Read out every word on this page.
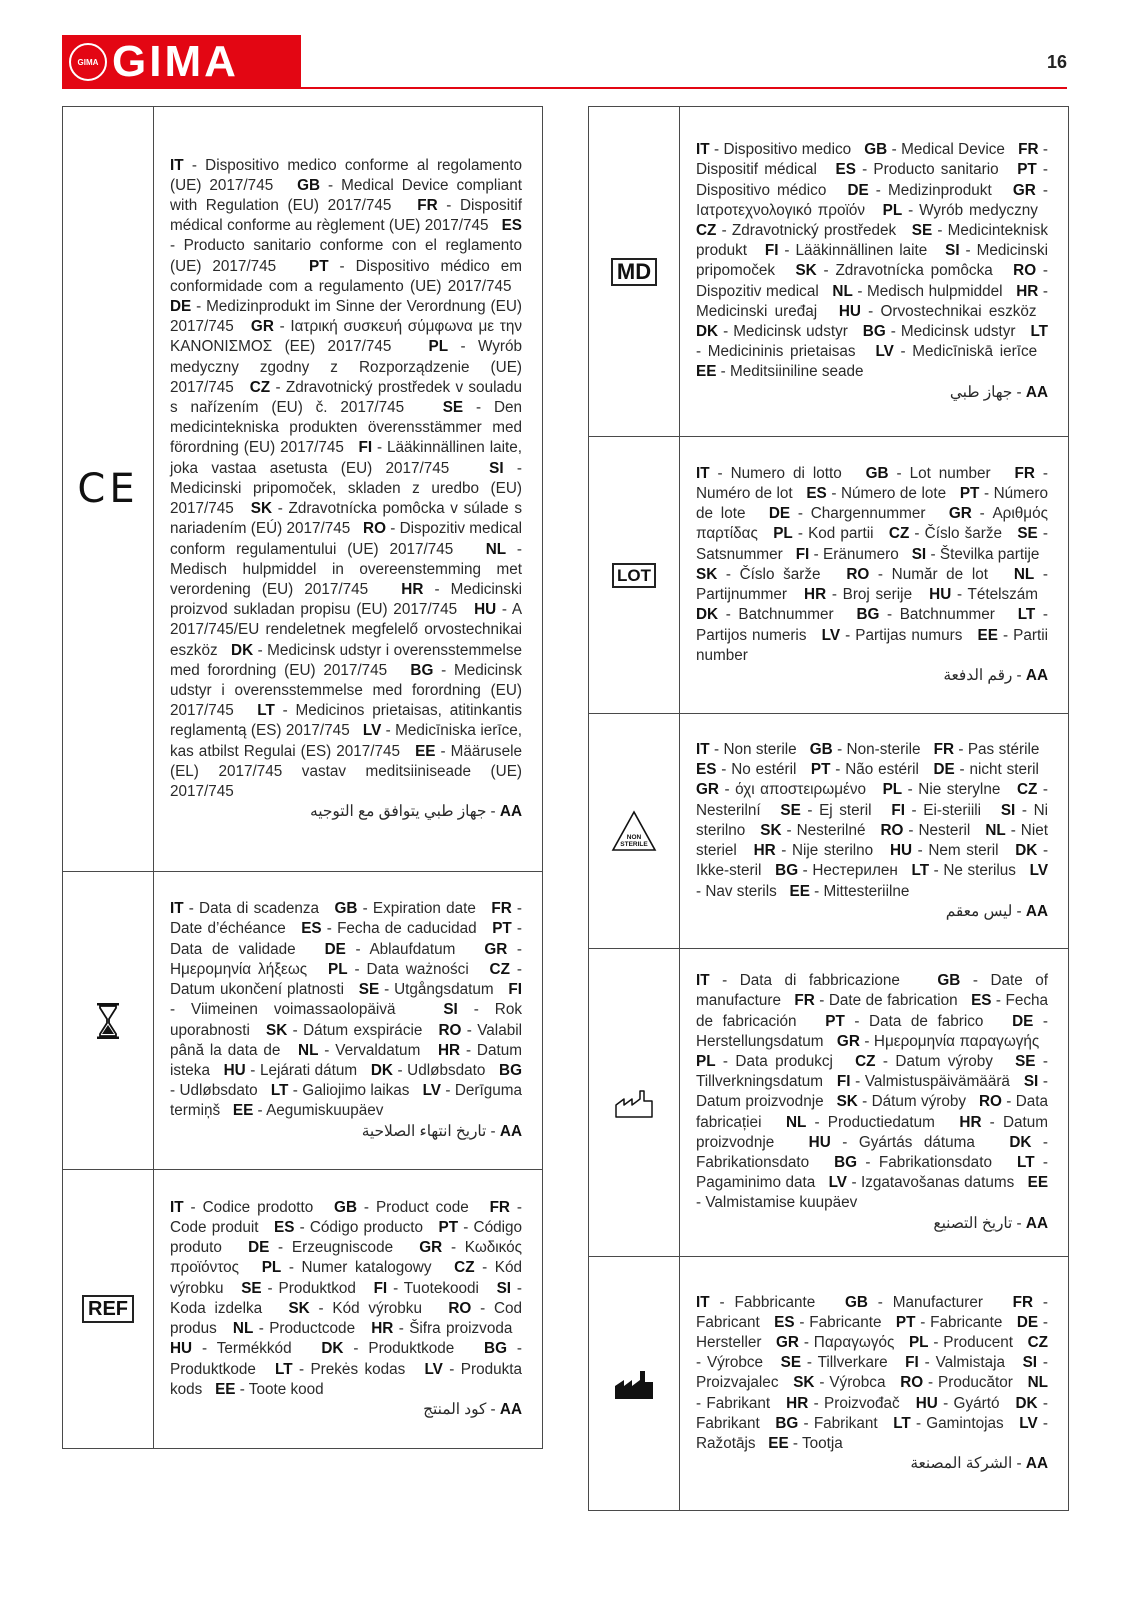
GIMA GIMA	16
CE
IT - Dispositivo medico conforme al regolamento (UE) 2017/745 GB - Medical Device compliant with Regulation (EU) 2017/745 FR - Dispositif médical conforme au règlement (UE) 2017/745 ES - Producto sanitario conforme con el reglamento (UE) 2017/745 PT - Dispositivo médico em conformidade com a regulamento (UE) 2017/745   DE - Medizinprodukt im Sinne der Verordnung (EU) 2017/745 GR - Ιατρική συσκευή σύμφωνα με την ΚΑΝΟΝΙΣΜΟΣ (ΕΕ) 2017/745 PL - Wyrób medyczny zgodny z Rozporządzenie (UE) 2017/745 CZ - Zdravotnický prostředek v souladu s nařízením (EU) č. 2017/745	SE - Den medicintekniska produkten överensstämmer med förordning (EU) 2017/745 FI - Lääkinnällinen laite, joka vastaa asetusta (EU) 2017/745	SI - Medicinski pripomoček, skladen z uredbo (EU) 2017/745 SK - Zdravotnícka pomôcka v súlade s nariadením (EÚ) 2017/745 RO - Dispozitiv medical conform regulamentului (UE) 2017/745 NL - Medisch hulpmiddel in overeenstemming met verordening (EU) 2017/745 HR - Medicinski proizvod sukladan propisu (EU) 2017/745 HU - A 2017/745/EU rendeletnek megfelelő orvostechnikai eszköz DK - Medicinsk udstyr i overensstemmelse med forordning (EU) 2017/745 BG - Medicinsk udstyr i overensstemmelse med forordning (EU) 2017/745 LT - Medicinos prietaisas, atitinkantis reglamentą (ES) 2017/745 LV - Medicīniska ierīce, kas atbilst Regulai (ES) 2017/745 EE - Määrusele (EL) 2017/745 vastav meditsiiniseade (UE) 2017/745
AA - جهاز طبي يتوافق مع التوجيه
IT - Data di scadenza GB - Expiration date FR - Date d’échéance ES - Fecha de caducidad PT - Data de validade DE - Ablaufdatum GR - Ημερομηνία λήξεως PL - Data ważności CZ - Datum ukončení platnosti SE - Utgångsdatum FI - Viimeinen voimassaolopäivä	SI - Rok uporabnosti SK - Dátum exspirácie RO - Valabil până la data de NL - Vervaldatum HR - Datum isteka HU - Lejárati dátum DK - Udløbsdato BG - Udløbsdato LT - Galiojimo laikas LV - Derīguma termiņš EE - Aegumiskuupäev
AA - تاريخ انتهاء الصلاحية
REF
IT - Codice prodotto GB - Product code FR - Code produit ES - Código producto PT - Código produto DE - Erzeugniscode GR - Κωδικός προϊόντος PL - Numer katalogowy CZ - Kód výrobku SE - Produktkod FI - Tuotekoodi SI - Koda izdelka SK - Kód výrobku RO - Cod produs NL - Productcode HR - Šifra proizvoda   HU - Termékkód DK - Produktkode BG - Produktkode LT - Prekės kodas LV - Produkta kods EE - Toote kood
AA - كود المنتج
MD
IT - Dispositivo medico GB - Medical Device FR - Dispositif médical ES - Producto sanitario PT - Dispositivo médico DE - Medizinprodukt GR - Ιατροτεχνολογικό προϊόν PL - Wyrób medyczny   CZ - Zdravotnický prostředek SE - Medicinteknisk produkt FI - Lääkinnällinen laite SI - Medicinski pripomoček SK - Zdravotnícka pomôcka RO - Dispozitiv medical NL - Medisch hulpmiddel HR - Medicinski uređaj HU - Orvostechnikai eszköz   DK - Medicinsk udstyr BG - Medicinsk udstyr LT - Medicininis prietaisas LV - Medicīniskā ierīce   EE - Meditsiiniline seade
AA - جهاز طبي
LOT
IT - Numero di lotto GB - Lot number FR - Numéro de lot ES - Número de lote PT - Número de lote DE - Chargennummer GR - Αριθμός παρτίδας PL - Kod partii CZ - Číslo šarže SE - Satsnummer FI - Eränumero SI - Številka partije   SK - Číslo šarže RO - Număr de lot NL - Partijnummer HR - Broj serije HU - Tételszám   DK - Batchnummer BG - Batchnummer LT - Partijos numeris LV - Partijas numurs EE - Partii number
AA - رقم الدفعة
NON
STERILE
IT - Non sterile GB - Non-sterile FR - Pas stérile   ES - No estéril PT - Não estéril DE - nicht steril   GR - όχι αποστειρωμένο PL - Nie sterylne CZ - Nesterilní SE - Ej steril FI - Ei-steriili SI - Ni sterilno SK - Nesterilné RO - Nesteril NL - Niet steriel HR - Nije sterilno HU - Nem steril DK - Ikke-steril BG - Нестерилен LT - Ne sterilus LV - Nav sterils EE - Mittesteriilne
AA - ليس معقم
IT - Data di fabbricazione GB - Date of manufacture FR - Date de fabrication ES - Fecha de fabricación PT - Data de fabrico DE - Herstellungsdatum GR - Ημερομηνία παραγωγής   PL - Data produkcj CZ - Datum výroby SE - Tillverkningsdatum FI - Valmistuspäivämäärä SI - Datum proizvodnje SK - Dátum výroby RO - Data fabricației NL - Productiedatum HR - Datum proizvodnje HU - Gyártás dátuma DK - Fabrikationsdato BG - Fabrikationsdato LT - Pagaminimo data LV - Izgatavošanas datums EE - Valmistamise kuupäev
AA - تاريخ التصنيع
IT - Fabbricante GB - Manufacturer FR - Fabricant ES - Fabricante PT - Fabricante DE - Hersteller GR - Παραγωγός PL - Producent CZ - Výrobce SE - Tillverkare FI - Valmistaja SI - Proizvajalec SK - Výrobca RO - Producător NL - Fabrikant HR - Proizvođač HU - Gyártó DK - Fabrikant BG - Fabrikant LT - Gamintojas LV - Ražotājs EE - Tootja
AA - الشركة المصنعة
